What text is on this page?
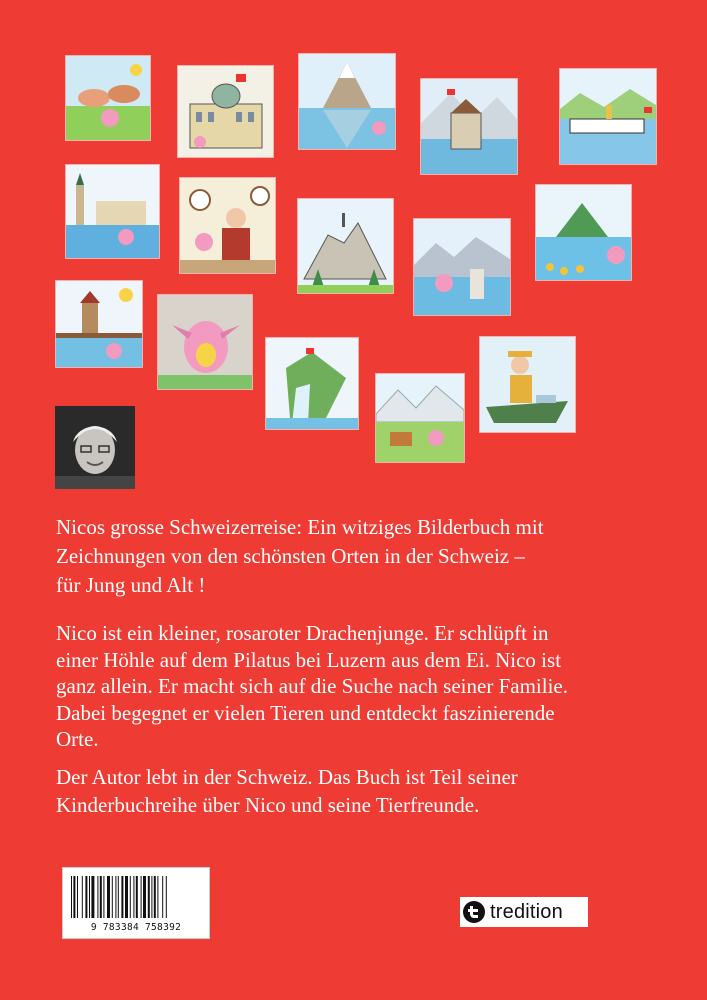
Nicos grosse Schweizerreise: Ein witziges Bilderbuch mit
Zeichnungen von den schönsten Orten in der Schweiz –
für Jung und Alt !

Nico ist ein kleiner, rosaroter Drachenjunge. Er schlüpft in
einer Höhle auf dem Pilatus bei Luzern aus dem Ei. Nico ist
ganz allein. Er macht sich auf die Suche nach seiner Familie.
Dabei begegnet er vielen Tieren und entdeckt faszinierende
Orte.

Der Autor lebt in der Schweiz. Das Buch ist Teil seiner
Kinderbuchreihe über Nico und seine Tierfreunde.

9 783384 758392
tredition
